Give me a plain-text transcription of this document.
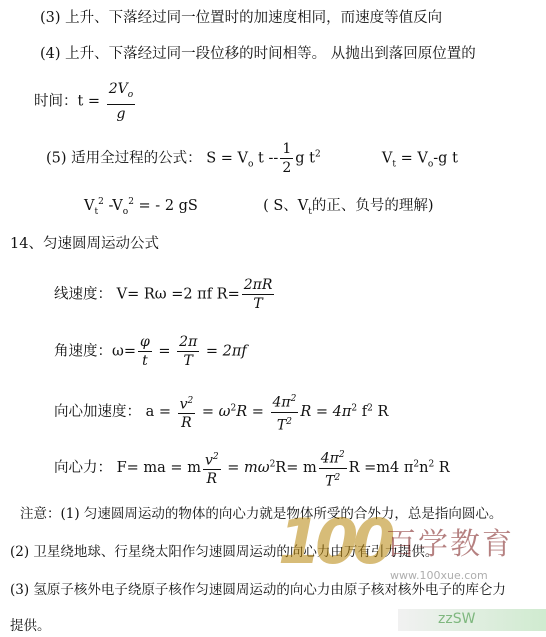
(3) 上升、下落经过同一位置时的加速度相同，而速度等值反向
(4) 上升、下落经过同一段位移的时间相等。 从抛出到落回原位置的
时间：$t = \frac{2V_o}{g}$
(5) 适用全过程的公式： $S = V_o$ t -- $\frac{1}{2}$ g $t^2$	$V_t = V_o-g$ t
$V_t^2$ $-V_o^2$ = - 2 gS	( S、$V_t$的正、负号的理解)
14、匀速圆周运动公式
线速度： V= Rω =2 πf $R= \frac{2\pi R}{T}$
角速度：$\omega= \frac{\varphi}{t} = \frac{2\pi}{T} = 2\pi f$
向心加速度： $a = \frac{v^2}{R} = \omega^2R = \frac{4\pi^2}{T^2}$ $R = 4\pi^2$ $f^2$ R
向心力： F= ma = m $\frac{v^2}{R} = m\omega^2R= m \frac{4\pi^2}{T^2}$ R =m4 $\pi^2n^2$ R
注意：(1) 匀速圆周运动的物体的向心力就是物体所受的合外力，总是指向圆心。
(2) 卫星绕地球、行星绕太阳作匀速圆周运动的向心力由万有引力提供。
(3) 氢原子核外电子绕原子核作匀速圆周运动的向心力由原子核对核外电子的库仑力
提供。
100
百学教育
www.100xue.com
zzSW
